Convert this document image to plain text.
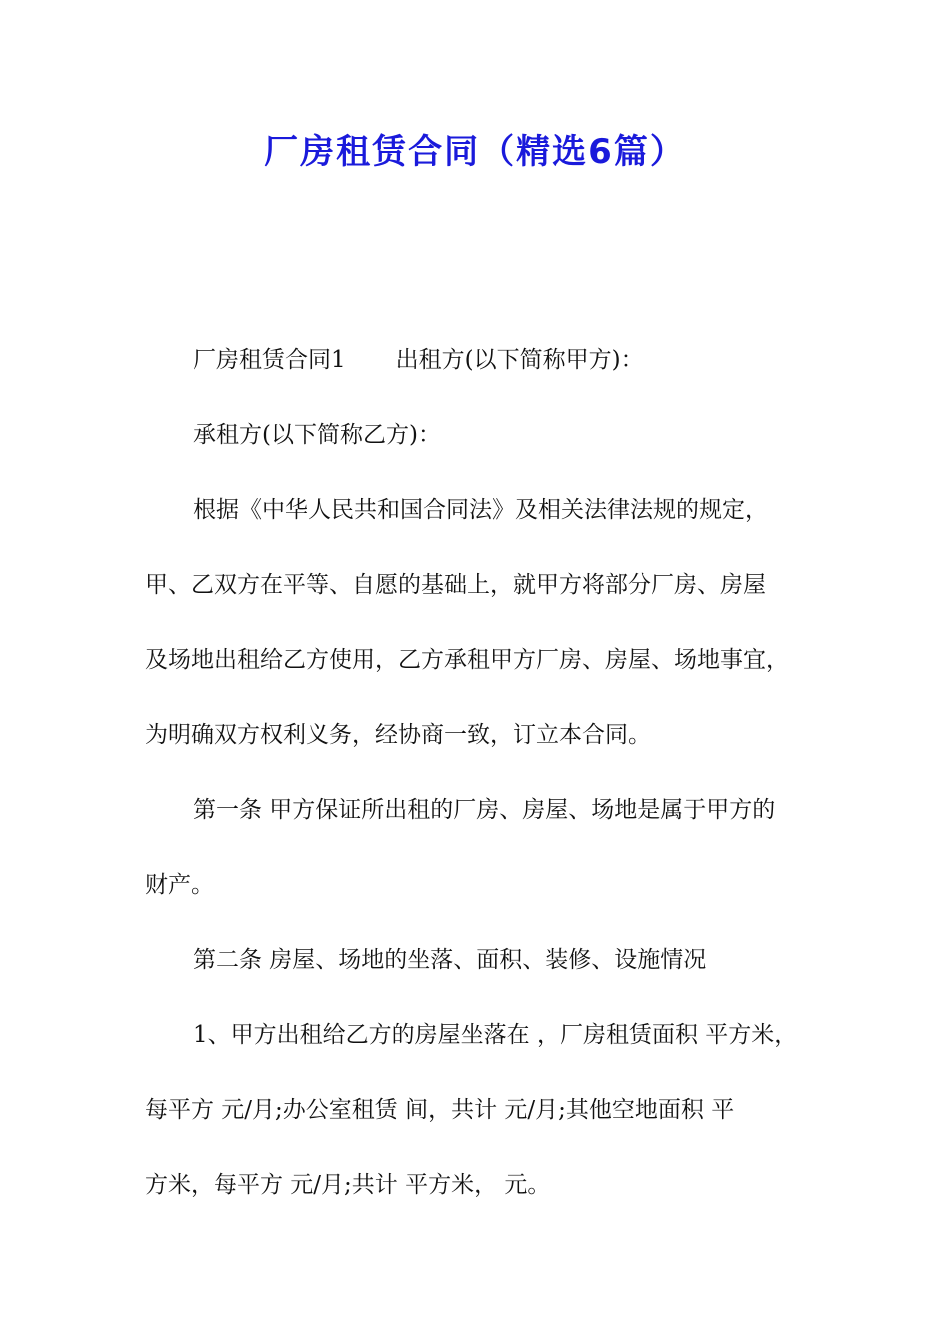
厂房租赁合同（精选6篇）
厂房租赁合同1 出租方(以下简称甲方)：
承租方(以下简称乙方)：
根据《中华人民共和国合同法》及相关法律法规的规定，
甲、乙双方在平等、自愿的基础上，就甲方将部分厂房、房屋
及场地出租给乙方使用，乙方承租甲方厂房、房屋、场地事宜，
为明确双方权利义务，经协商一致，订立本合同。
第一条 甲方保证所出租的厂房、房屋、场地是属于甲方的
财产。
第二条 房屋、场地的坐落、面积、装修、设施情况
1、甲方出租给乙方的房屋坐落在 ，厂房租赁面积 平方米，
每平方 元/月;办公室租赁 间，共计 元/月;其他空地面积 平
方米，每平方 元/月;共计 平方米， 元。
